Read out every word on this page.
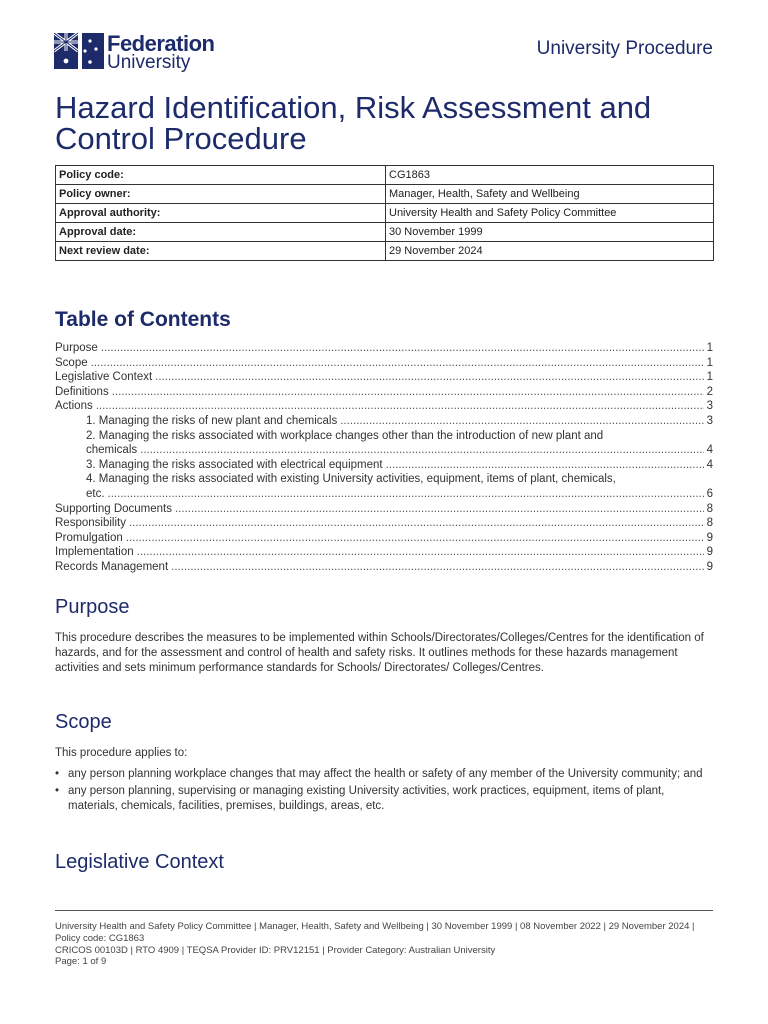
Federation
University
University Procedure
Hazard Identification, Risk Assessment and Control Procedure
Policy code:	CG1863
Policy owner:	Manager, Health, Safety and Wellbeing
Approval authority:	University Health and Safety Policy Committee
Approval date:	30 November 1999
Next review date:	29 November 2024
Table of Contents
Purpose .....	1
Scope .....	1
Legislative Context .....	1
Definitions .....	2
Actions .....	3
1. Managing the risks of new plant and chemicals .....	3
2. Managing the risks associated with workplace changes other than the introduction of new plant and
chemicals .....	4
3. Managing the risks associated with electrical equipment .....	4
4. Managing the risks associated with existing University activities, equipment, items of plant, chemicals,
etc. .....	6
Supporting Documents .....	8
Responsibility .....	8
Promulgation .....	9
Implementation .....	9
Records Management .....	9
Purpose

This procedure describes the measures to be implemented within Schools/Directorates/Colleges/Centres for the identification of hazards, and for the assessment and control of health and safety risks. It outlines methods for these hazards management activities and sets minimum performance standards for Schools/ Directorates/ Colleges/Centres.

Scope

This procedure applies to:

• any person planning workplace changes that may affect the health or safety of any member of the University community; and
• any person planning, supervising or managing existing University activities, work practices, equipment, items of plant, materials, chemicals, facilities, premises, buildings, areas, etc.
Legislative Context
University Health and Safety Policy Committee | Manager, Health, Safety and Wellbeing | 30 November 1999 | 08 November 2022 | 29 November 2024 | Policy code: CG1863
CRICOS 00103D | RTO 4909 | TEQSA Provider ID: PRV12151 | Provider Category: Australian University
Page: 1 of 9
